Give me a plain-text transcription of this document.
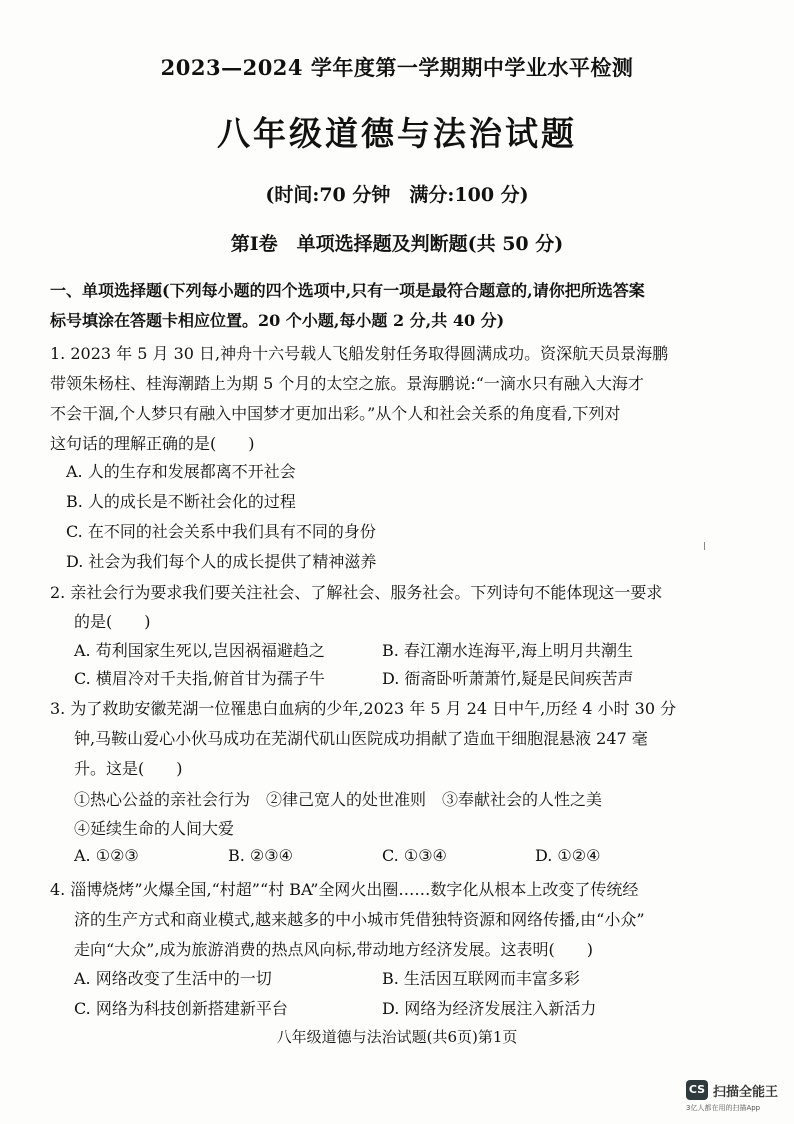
2023—2024 学年度第一学期期中学业水平检测
八年级道德与法治试题
(时间:70 分钟　满分:100 分)
第Ⅰ卷　单项选择题及判断题(共 50 分)
一、单项选择题(下列每小题的四个选项中,只有一项是最符合题意的,请你把所选答案
标号填涂在答题卡相应位置。20 个小题,每小题 2 分,共 40 分)
1. 2023 年 5 月 30 日,神舟十六号载人飞船发射任务取得圆满成功。资深航天员景海鹏
带领朱杨柱、桂海潮踏上为期 5 个月的太空之旅。景海鹏说:“一滴水只有融入大海才
不会干涸,个人梦只有融入中国梦才更加出彩。”从个人和社会关系的角度看,下列对
这句话的理解正确的是(　　)
A. 人的生存和发展都离不开社会
B. 人的成长是不断社会化的过程
C. 在不同的社会关系中我们具有不同的身份
D. 社会为我们每个人的成长提供了精神滋养
2. 亲社会行为要求我们要关注社会、了解社会、服务社会。下列诗句不能体现这一要求
的是(　　)
A. 苟利国家生死以,岂因祸福避趋之	B. 春江潮水连海平,海上明月共潮生
C. 横眉冷对千夫指,俯首甘为孺子牛	D. 衙斋卧听萧萧竹,疑是民间疾苦声
3. 为了救助安徽芜湖一位罹患白血病的少年,2023 年 5 月 24 日中午,历经 4 小时 30 分
钟,马鞍山爱心小伙马成功在芜湖代矶山医院成功捐献了造血干细胞混悬液 247 毫
升。这是(　　)
①热心公益的亲社会行为　②律己宽人的处世准则　③奉献社会的人性之美
④延续生命的人间大爱
A. ①②③	B. ②③④	C. ①③④	D. ①②④
4. 淄博烧烤”火爆全国,“村超”“村 BA”全网火出圈……数字化从根本上改变了传统经
济的生产方式和商业模式,越来越多的中小城市凭借独特资源和网络传播,由“小众”
走向“大众”,成为旅游消费的热点风向标,带动地方经济发展。这表明(　　)
A. 网络改变了生活中的一切	B. 生活因互联网而丰富多彩
C. 网络为科技创新搭建新平台	D. 网络为经济发展注入新活力
八年级道德与法治试题(共6页)第1页
CS 扫描全能王
3亿人都在用的扫描App
